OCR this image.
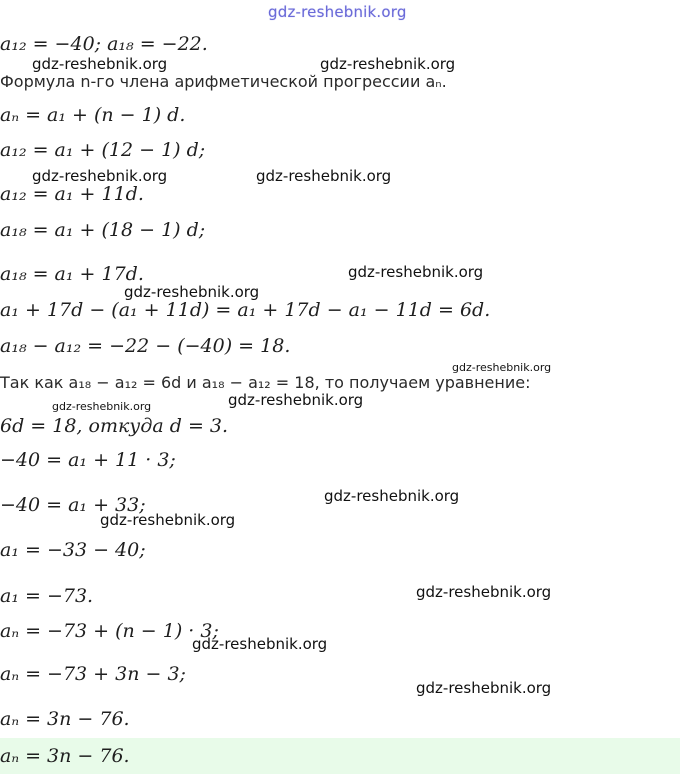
a₁₂ = −40; a₁₈ = −22.
Формула n-го члена арифметической прогрессии aₙ.
aₙ = a₁ + (n − 1) d.
a₁₂ = a₁ + (12 − 1) d;
a₁₂ = a₁ + 11d.
a₁₈ = a₁ + (18 − 1) d;
a₁₈ = a₁ + 17d.
a₁ + 17d − (a₁ + 11d) = a₁ + 17d − a₁ − 11d = 6d.
a₁₈ − a₁₂ = −22 − (−40) = 18.
Так как a₁₈ − a₁₂ = 6d и a₁₈ − a₁₂ = 18, то получаем уравнение:
6d = 18, откуда d = 3.
−40 = a₁ + 11 · 3;
−40 = a₁ + 33;
a₁ = −33 − 40;
a₁ = −73.
aₙ = −73 + (n − 1) · 3;
aₙ = −73 + 3n − 3;
aₙ = 3n − 76.
aₙ = 3n − 76.
gdz-reshebnik.org
gdz-reshebnik.org	gdz-reshebnik.org
gdz-reshebnik.org	gdz-reshebnik.org
gdz-reshebnik.org
gdz-reshebnik.org
gdz-reshebnik.org
gdz-reshebnik.org
gdz-reshebnik.org
gdz-reshebnik.org
gdz-reshebnik.org
gdz-reshebnik.org
gdz-reshebnik.org
gdz-reshebnik.org
